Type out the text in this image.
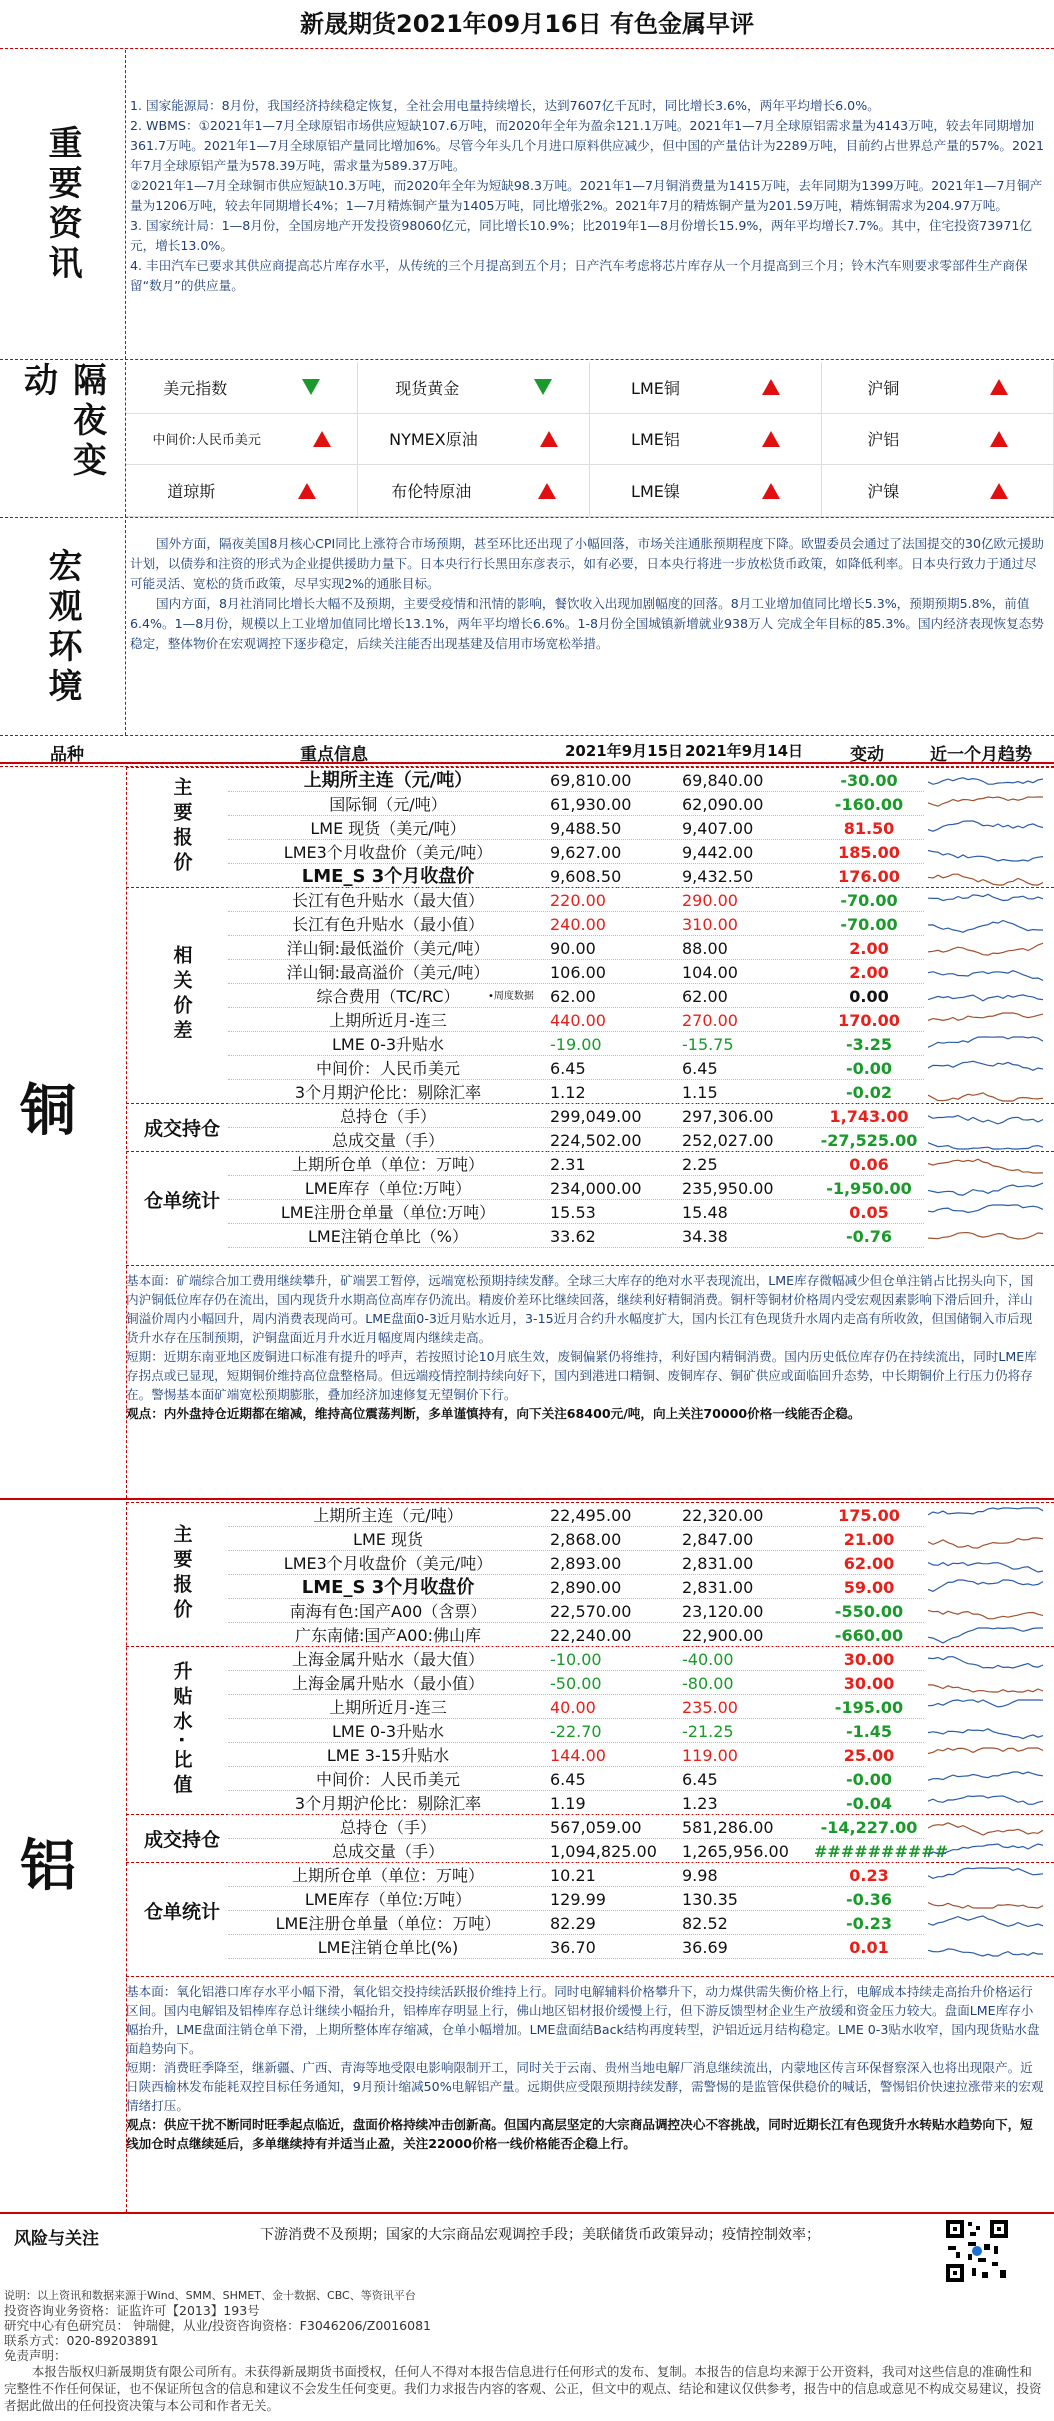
新晟期货2021年09月16日 有色金属早评
重要资讯

1. 国家能源局：8月份，我国经济持续稳定恢复，全社会用电量持续增长，达到7607亿千瓦时，同比增长3.6%，两年平均增长6.0%。

2. WBMS：①2021年1—7月全球原铝市场供应短缺107.6万吨，而2020年全年为盈余121.1万吨。2021年1—7月全球原铝需求量为4143万吨，较去年同期增加361.7万吨。2021年1—7月全球原铝产量同比增加6%。尽管今年头几个月进口原料供应减少，但中国的产量估计为2289万吨，目前约占世界总产量的57%。2021年7月全球原铝产量为578.39万吨，需求量为589.37万吨。

②2021年1—7月全球铜市供应短缺10.3万吨，而2020年全年为短缺98.3万吨。2021年1—7月铜消费量为1415万吨，去年同期为1399万吨。2021年1—7月铜产量为1206万吨，较去年同期增长4%；1—7月精炼铜产量为1405万吨，同比增张2%。2021年7月的精炼铜产量为201.59万吨，精炼铜需求为204.97万吨。

3. 国家统计局：1—8月份，全国房地产开发投资98060亿元，同比增长10.9%；比2019年1—8月份增长15.9%，两年平均增长7.7%。其中，住宅投资73971亿元，增长13.0%。

4. 丰田汽车已要求其供应商提高芯片库存水平，从传统的三个月提高到五个月；日产汽车考虑将芯片库存从一个月提高到三个月；铃木汽车则要求零部件生产商保留“数月”的供应量。

隔夜变动	美元指数	现货黄金	LME铜	沪铜
中间价:人民币美元	NYMEX原油	LME铝	沪铝
道琼斯	布伦特原油	LME镍	沪镍
宏观环境

国外方面，隔夜美国8月核心CPI同比上涨符合市场预期，甚至环比还出现了小幅回落，市场关注通胀预期程度下降。欧盟委员会通过了法国提交的30亿欧元援助计划，以债券和注资的形式为企业提供援助力量下。日本央行行长黑田东彦表示，如有必要，日本央行将进一步放松货币政策，如降低利率。日本央行致力于通过尽可能灵活、宽松的货币政策，尽早实现2%的通胀目标。

国内方面，8月社消同比增长大幅不及预期，主要受疫情和汛情的影响，餐饮收入出现加剧幅度的回落。8月工业增加值同比增长5.3%，预期预期5.8%，前值6.4%。1—8月份，规模以上工业增加值同比增长13.1%，两年平均增长6.6%。1-8月份全国城镇新增就业938万人 完成全年目标的85.3%。国内经济表现恢复态势稳定，整体物价在宏观调控下逐步稳定，后续关注能否出现基建及信用市场宽松举措。

品种	重点信息	2021年9月15日 2021年9月14日	变动	近一个月趋势
铜
主要报价
相关价差
成交持仓
仓单统计
上期所主连（元/吨）	69,810.00	69,840.00	-30.00
国际铜（元/吨）	61,930.00	62,090.00	-160.00
LME 现货（美元/吨）	9,488.50	9,407.00	81.50
LME3个月收盘价（美元/吨）	9,627.00	9,442.00	185.00
LME_S 3个月收盘价	9,608.50	9,432.50	176.00
长江有色升贴水（最大值）	220.00	290.00	-70.00
长江有色升贴水（最小值）	240.00	310.00	-70.00
洋山铜:最低溢价（美元/吨）	90.00	88.00	2.00
洋山铜:最高溢价（美元/吨）	106.00	104.00	2.00
综合费用（TC/RC）	•周度数据 62.00	62.00	0.00
上期所近月-连三	440.00	270.00	170.00
LME 0-3升贴水	-19.00	-15.75	-3.25
中间价：人民币美元	6.45	6.45	-0.00
3个月期沪伦比：剔除汇率	1.12	1.15	-0.02
总持仓（手）	299,049.00	297,306.00	1,743.00
总成交量（手）	224,502.00	252,027.00	-27,525.00
上期所仓单（单位：万吨）	2.31	2.25	0.06
LME库存（单位:万吨）	234,000.00	235,950.00	-1,950.00
LME注册仓单量（单位:万吨）	15.53	15.48	0.05
LME注销仓单比（%）	33.62	34.38	-0.76

基本面：矿端综合加工费用继续攀升，矿端罢工暂停，远端宽松预期持续发酵。全球三大库存的绝对水平表现流出，LME库存微幅减少但仓单注销占比拐头向下，国内沪铜低位库存仍在流出，国内现货升水期高位高库存仍流出。精废价差环比继续回落，继续利好精铜消费。铜杆等铜材价格周内受宏观因素影响下滑后回升，洋山铜溢价周内小幅回升，周内消费表现尚可。LME盘面0-3近月贴水近月，3-15近月合约升水幅度扩大，国内长江有色现货升水周内走高有所收敛，但国储铜入市后现货升水存在压制预期，沪铜盘面近月升水近月幅度周内继续走高。

短期：近期东南亚地区废铜进口标准有提升的呼声，若按照讨论10月底生效，废铜偏紧仍将维持，利好国内精铜消费。国内历史低位库存仍在持续流出，同时LME库存拐点或已显现，短期铜价维持高位盘整格局。但远端疫情控制持续向好下，国内到港进口精铜、废铜库存、铜矿供应或面临回升态势，中长期铜价上行压力仍将存在。警惕基本面矿端宽松预期膨胀，叠加经济加速修复无望铜价下行。

观点：内外盘持仓近期都在缩减，维持高位震荡判断，多单谨慎持有，向下关注68400元/吨，向上关注70000价格一线能否企稳。

铝
主要报价
升贴水·比值
成交持仓
仓单统计
上期所主连（元/吨）	22,495.00	22,320.00	175.00
LME 现货	2,868.00	2,847.00	21.00
LME3个月收盘价（美元/吨）	2,893.00	2,831.00	62.00
LME_S 3个月收盘价	2,890.00	2,831.00	59.00
南海有色:国产A00（含票）	22,570.00	23,120.00	-550.00
广东南储:国产A00:佛山库	22,240.00	22,900.00	-660.00
上海金属升贴水（最大值）	-10.00	-40.00	30.00
上海金属升贴水（最小值）	-50.00	-80.00	30.00
上期所近月-连三	40.00	235.00	-195.00
LME 0-3升贴水	-22.70	-21.25	-1.45
LME 3-15升贴水	144.00	119.00	25.00
中间价：人民币美元	6.45	6.45	-0.00
3个月期沪伦比：剔除汇率	1.19	1.23	-0.04
总持仓（手）	567,059.00	581,286.00	-14,227.00
总成交量（手）	1,094,825.00	1,265,956.00	##########
上期所仓单（单位：万吨）	10.21	9.98	0.23
LME库存（单位:万吨）	129.99	130.35	-0.36
LME注册仓单量（单位：万吨）	82.29	82.52	-0.23
LME注销仓单比(%)	36.70	36.69	0.01

基本面：氧化铝港口库存水平小幅下滑，氧化铝交投持续活跃报价维持上行。同时电解辅料价格攀升下，动力煤供需失衡价格上行，电解成本持续走高抬升价格运行区间。国内电解铝及铝棒库存总计继续小幅抬升，铝棒库存明显上行，佛山地区铝材报价缓慢上行，但下游反馈型材企业生产放缓和资金压力较大。盘面LME库存小幅抬升，LME盘面注销仓单下滑，上期所整体库存缩减，仓单小幅增加。LME盘面结Back结构再度转型，沪铝近远月结构稳定。LME 0-3贴水收窄，国内现货贴水盘面趋势向下。

短期：消费旺季降至，继新疆、广西、青海等地受限电影响限制开工，同时关于云南、贵州当地电解厂消息继续流出，内蒙地区传言环保督察深入也将出现限产。近日陕西榆林发布能耗双控目标任务通知，9月预计缩减50%电解铝产量。远期供应受限预期持续发酵，需警惕的是监管保供稳价的喊话，警惕铝价快速拉涨带来的宏观情绪打压。

观点：供应干扰不断同时旺季起点临近，盘面价格持续冲击创新高。但国内高层坚定的大宗商品调控决心不容挑战，同时近期长江有色现货升水转贴水趋势向下，短线加仓时点继续延后，多单继续持有并适当止盈，关注22000价格一线价格能否企稳上行。

风险与关注	下游消费不及预期；国家的大宗商品宏观调控手段；美联储货币政策异动；疫情控制效率；
说明：以上资讯和数据来源于Wind、SMM、SHMET、金十数据、CBC、等资讯平台
投资咨询业务资格：证监许可【2013】193号
研究中心有色研究员： 钟瑞健，从业/投资咨询资格：F3046206/Z0016081
联系方式：020-89203891
免责声明：
本报告版权归新晟期货有限公司所有。未获得新晟期货书面授权，任何人不得对本报告信息进行任何形式的发布、复制。本报告的信息均来源于公开资料，我司对这些信息的准确性和完整性不作任何保证，也不保证所包含的信息和建议不会发生任何变更。我们力求报告内容的客观、公正，但文中的观点、结论和建议仅供参考，报告中的信息或意见不构成交易建议，投资者据此做出的任何投资决策与本公司和作者无关。
